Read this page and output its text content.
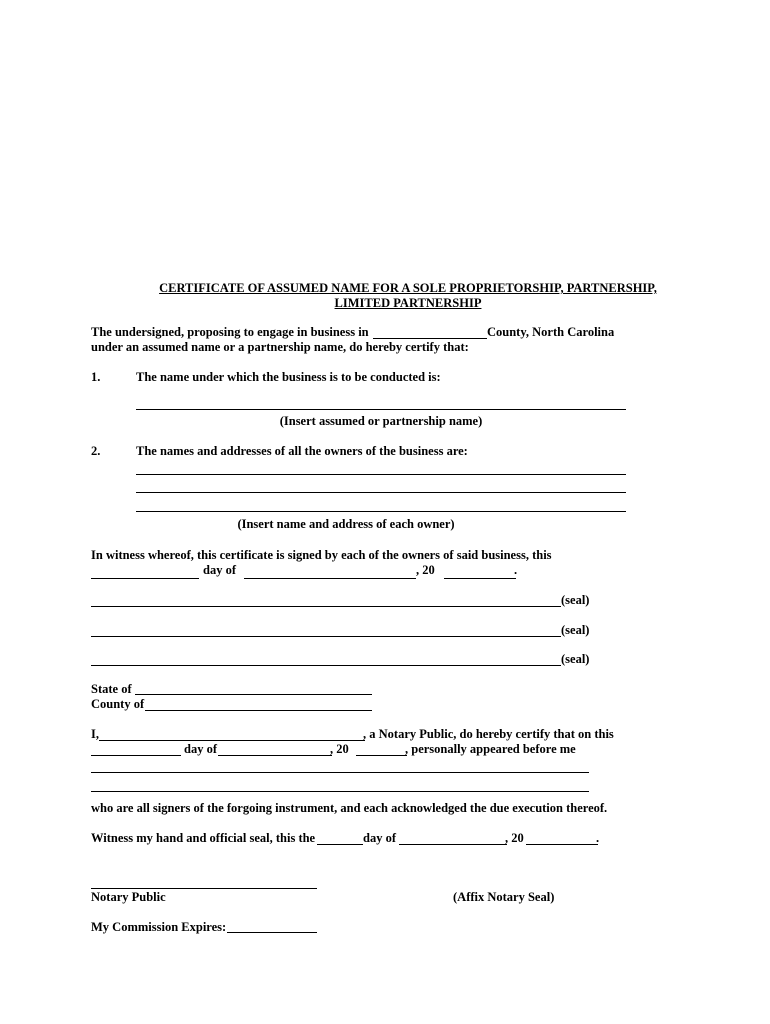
CERTIFICATE OF ASSUMED NAME FOR A SOLE PROPRIETORSHIP, PARTNERSHIP,
LIMITED PARTNERSHIP
The undersigned, proposing to engage in business in	County, North Carolina
under an assumed name or a partnership name, do hereby certify that:
1.	The name under which the business is to be conducted is:
(Insert assumed or partnership name)
2.	The names and addresses of all the owners of the business are:
(Insert name and address of each owner)
In witness whereof, this certificate is signed by each of the owners of said business, this
day of	, 20	.
(seal)
(seal)
(seal)
State of
County of
I,	, a Notary Public, do hereby certify that on this
day of	, 20	, personally appeared before me
who are all signers of the forgoing instrument, and each acknowledged the due execution thereof.
Witness my hand and official seal, this the	day of	, 20	.
Notary Public	(Affix Notary Seal)
My Commission Expires:
